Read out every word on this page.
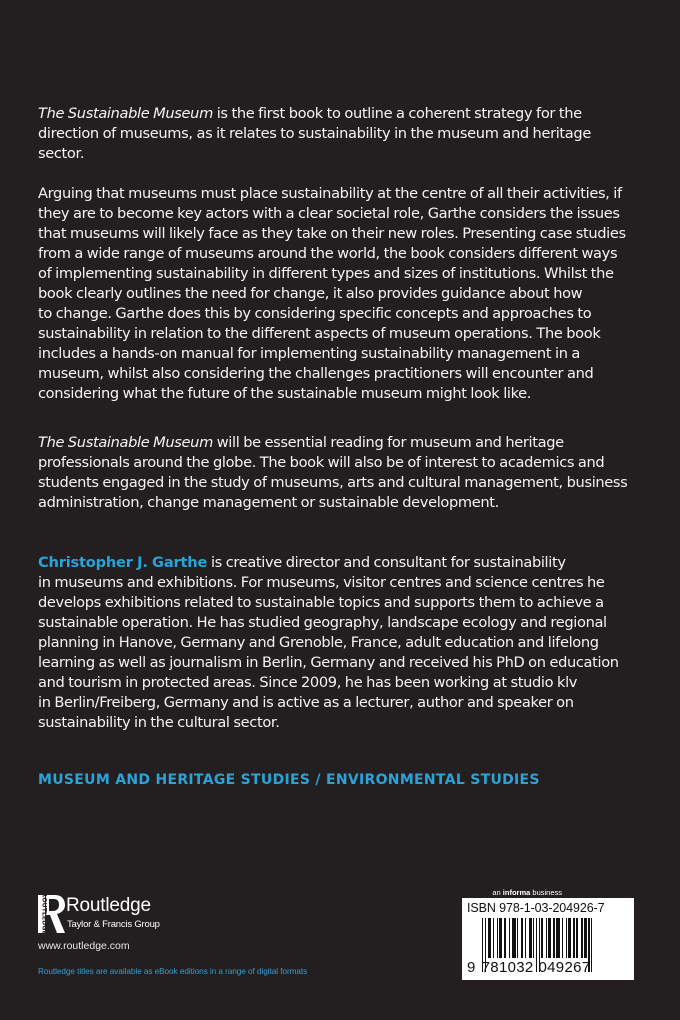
The Sustainable Museum is the first book to outline a coherent strategy for the
direction of museums, as it relates to sustainability in the museum and heritage
sector.

Arguing that museums must place sustainability at the centre of all their activities, if
they are to become key actors with a clear societal role, Garthe considers the issues
that museums will likely face as they take on their new roles. Presenting case studies
from a wide range of museums around the world, the book considers different ways
of implementing sustainability in different types and sizes of institutions. Whilst the
book clearly outlines the need for change, it also provides guidance about how
to change. Garthe does this by considering specific concepts and approaches to
sustainability in relation to the different aspects of museum operations. The book
includes a hands-on manual for implementing sustainability management in a
museum, whilst also considering the challenges practitioners will encounter and
considering what the future of the sustainable museum might look like.

The Sustainable Museum will be essential reading for museum and heritage
professionals around the globe. The book will also be of interest to academics and
students engaged in the study of museums, arts and cultural management, business
administration, change management or sustainable development.

Christopher J. Garthe is creative director and consultant for sustainability
in museums and exhibitions. For museums, visitor centres and science centres he
develops exhibitions related to sustainable topics and supports them to achieve a
sustainable operation. He has studied geography, landscape ecology and regional
planning in Hanove, Germany and Grenoble, France, adult education and lifelong
learning as well as journalism in Berlin, Germany and received his PhD on education
and tourism in protected areas. Since 2009, he has been working at studio klv
in Berlin/Freiberg, Germany and is active as a lecturer, author and speaker on
sustainability in the cultural sector.

MUSEUM AND HERITAGE STUDIES / ENVIRONMENTAL STUDIES

ROUTLEDGE Routledge
Taylor & Francis Group
www.routledge.com
Routledge titles are available as eBook editions in a range of digital formats
an informa business
ISBN 978-1-03-204926-7
9 781032 049267
